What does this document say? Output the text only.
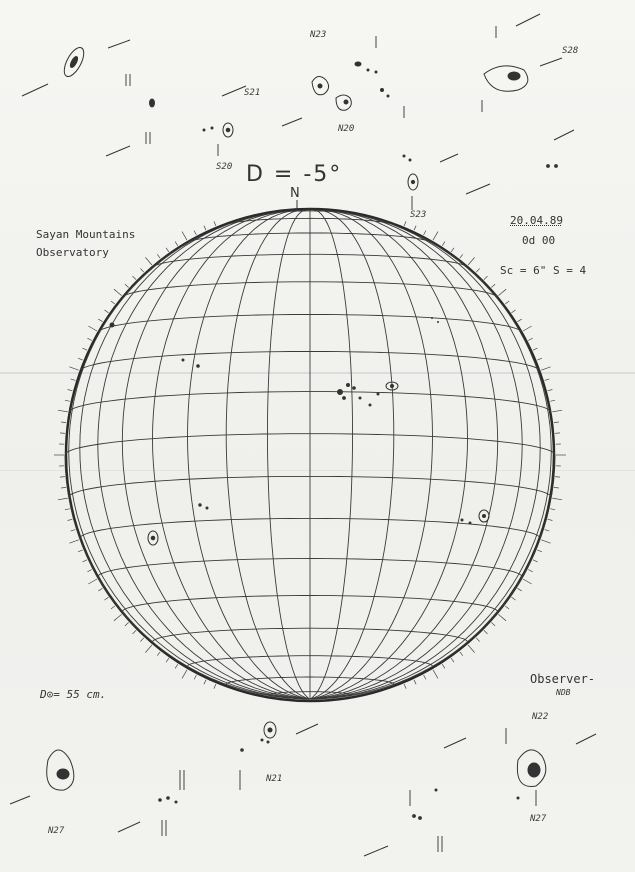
D = -5°
N
Sayan Mountains
Observatory
20.04.89
0d 00
Sc = 6" S = 4
D⊙= 55 cm.
Observer-
NDB
N23
S21
N20
S20
S23
S28
N27
N21
N22
N27
